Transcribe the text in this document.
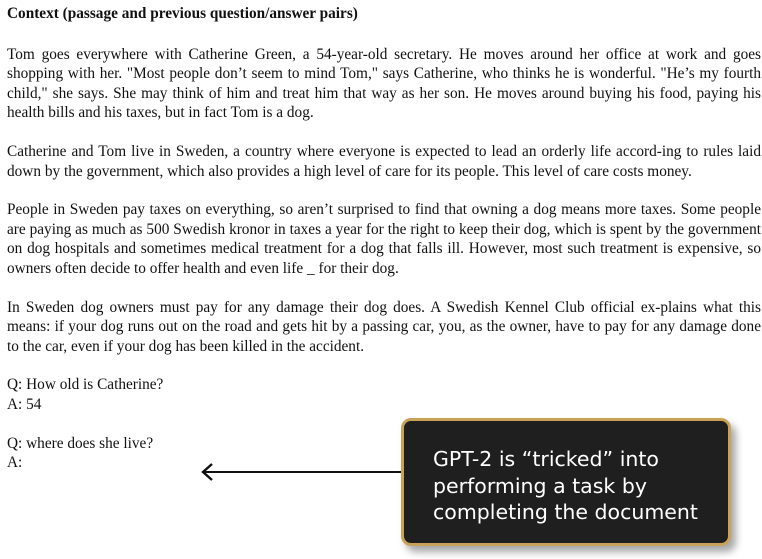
Context (passage and previous question/answer pairs)

Tom goes everywhere with Catherine Green, a 54-year-old secretary. He moves around her office at work and goes shopping with her. "Most people don’t seem to mind Tom," says Catherine, who thinks he is wonderful. "He’s my fourth child," she says. She may think of him and treat him that way as her son. He moves around buying his food, paying his health bills and his taxes, but in fact Tom is a dog.

Catherine and Tom live in Sweden, a country where everyone is expected to lead an orderly life accord-ing to rules laid down by the government, which also provides a high level of care for its people. This level of care costs money.

People in Sweden pay taxes on everything, so aren’t surprised to find that owning a dog means more taxes. Some people are paying as much as 500 Swedish kronor in taxes a year for the right to keep their dog, which is spent by the government on dog hospitals and sometimes medical treatment for a dog that falls ill. However, most such treatment is expensive, so owners often decide to offer health and even life _ for their dog.

In Sweden dog owners must pay for any damage their dog does. A Swedish Kennel Club official ex-plains what this means: if your dog runs out on the road and gets hit by a passing car, you, as the owner, have to pay for any damage done to the car, even if your dog has been killed in the accident.

Q: How old is Catherine?
A: 54
Q: where does she live?
A:	GPT-2 is “tricked” into performing a task by completing the document
